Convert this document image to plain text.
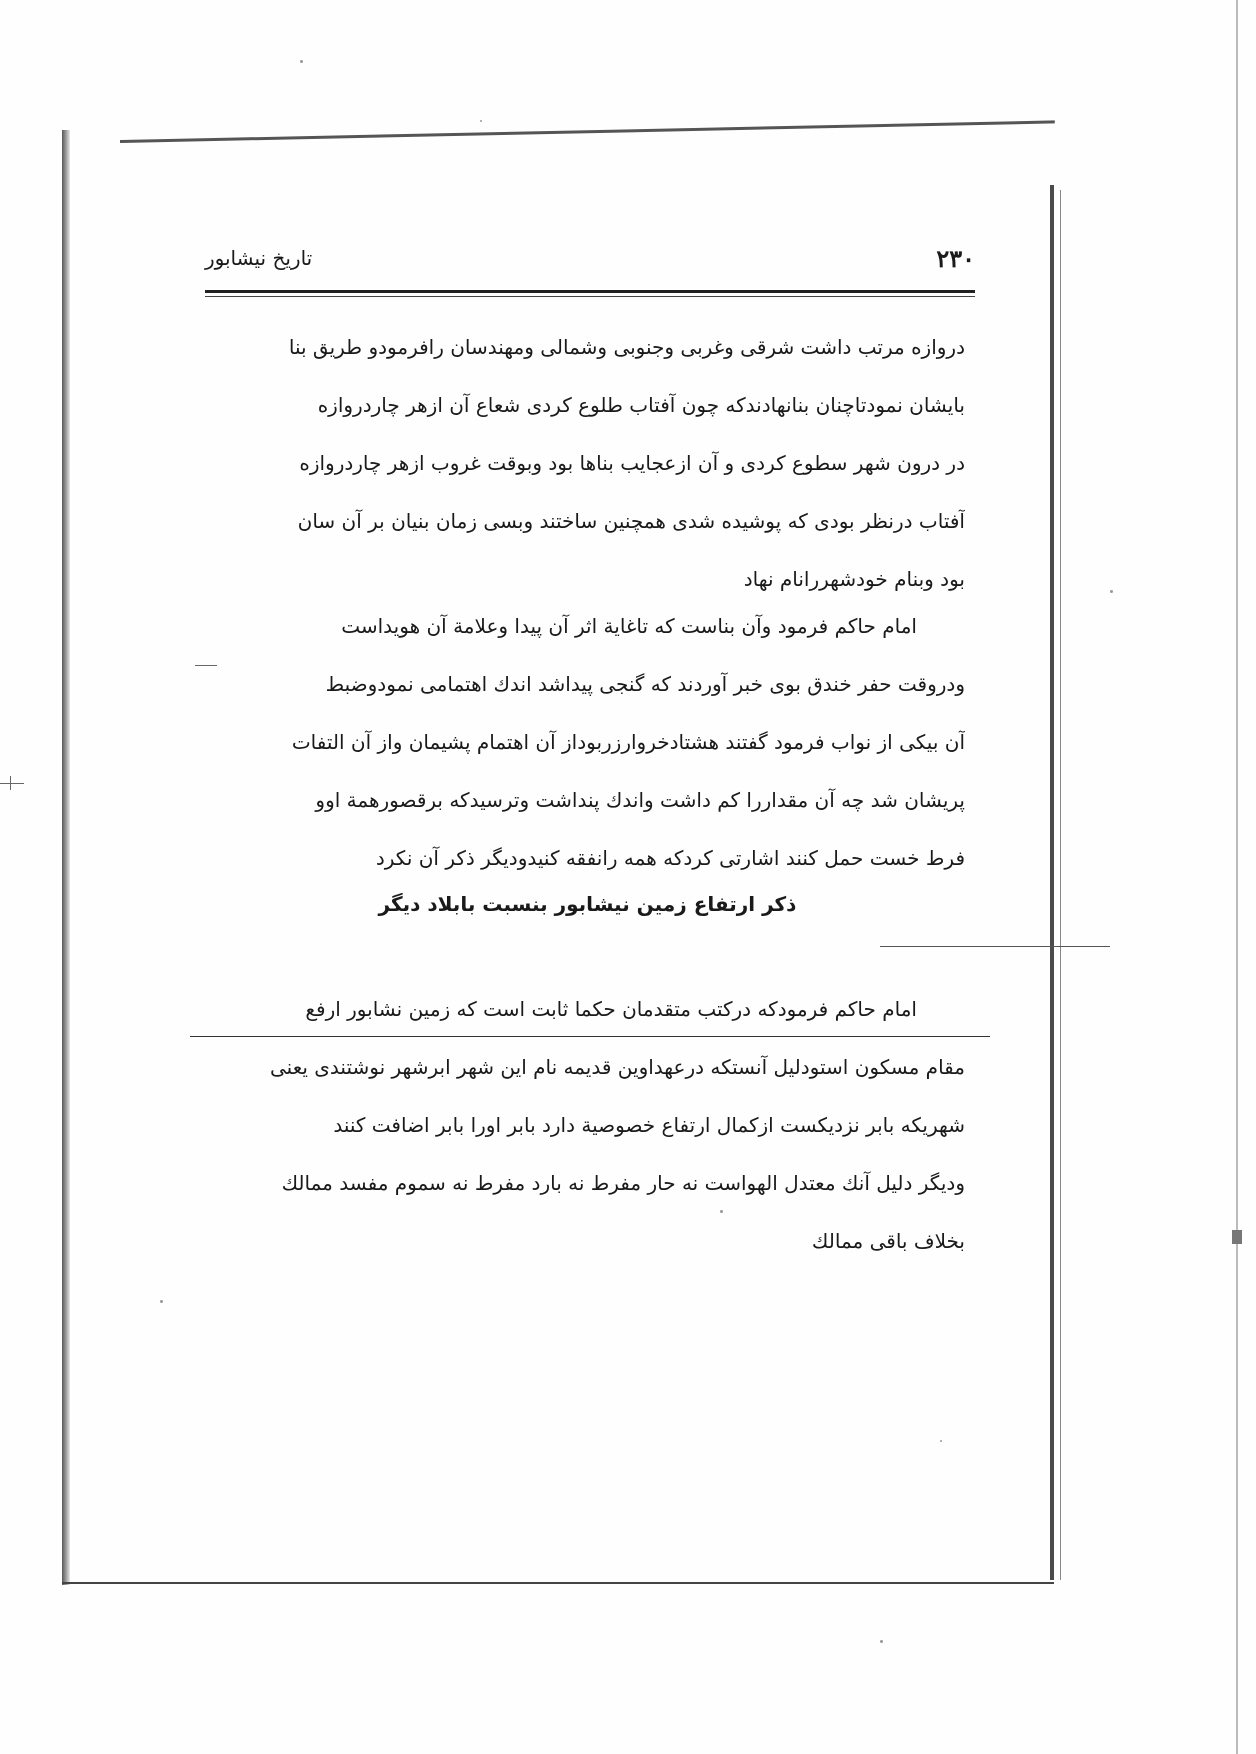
۲۳۰
تاریخ نیشابور
دروازه مرتب داشت شرقی وغربی وجنوبی وشمالی ومهندسان رافرمودو طریق بنا
بایشان نمودتاچنان بنانهادندکه چون آفتاب طلوع کردی شعاع آن ازهر چاردروازه
در درون شهر سطوع کردی و آن ازعجایب بناها بود وبوقت غروب ازهر چاردروازه
آفتاب درنظر بودی که پوشیده شدی همچنین ساختند وبسی زمان بنیان بر آن سان
بود وبنام خودشهررانام نهاد
امام حاکم فرمود وآن بناست که تاغایة اثر آن پیدا وعلامة آن هویداست
ودروقت حفر خندق بوی خبر آوردند که گنجی پیداشد اندك اهتمامی نمودوضبط
آن بیکی از نواب فرمود گفتند هشتادخروارزربوداز آن اهتمام پشیمان واز آن التفات
پریشان شد چه آن مقداررا کم داشت واندك پنداشت وترسیدکه برقصورهمة اوو
فرط خست حمل کنند اشارتی کردکه همه رانفقه کنیدودیگر ذکر آن نکرد
ذکر ارتفاع زمین نیشابور بنسبت بابلاد دیگر
امام حاکم فرمودکه درکتب متقدمان حکما ثابت است که زمین نشابور ارفع
مقام مسکون استودلیل آنستکه درعهداوین قدیمه نام این شهر ابرشهر نوشتندی یعنی
شهریکه بابر نزدیکست ازکمال ارتفاع خصوصیة دارد بابر اورا بابر اضافت کنند
ودیگر دلیل آنك معتدل الهواست نه حار مفرط نه بارد مفرط نه سموم مفسد ممالك
بخلاف باقی ممالك
